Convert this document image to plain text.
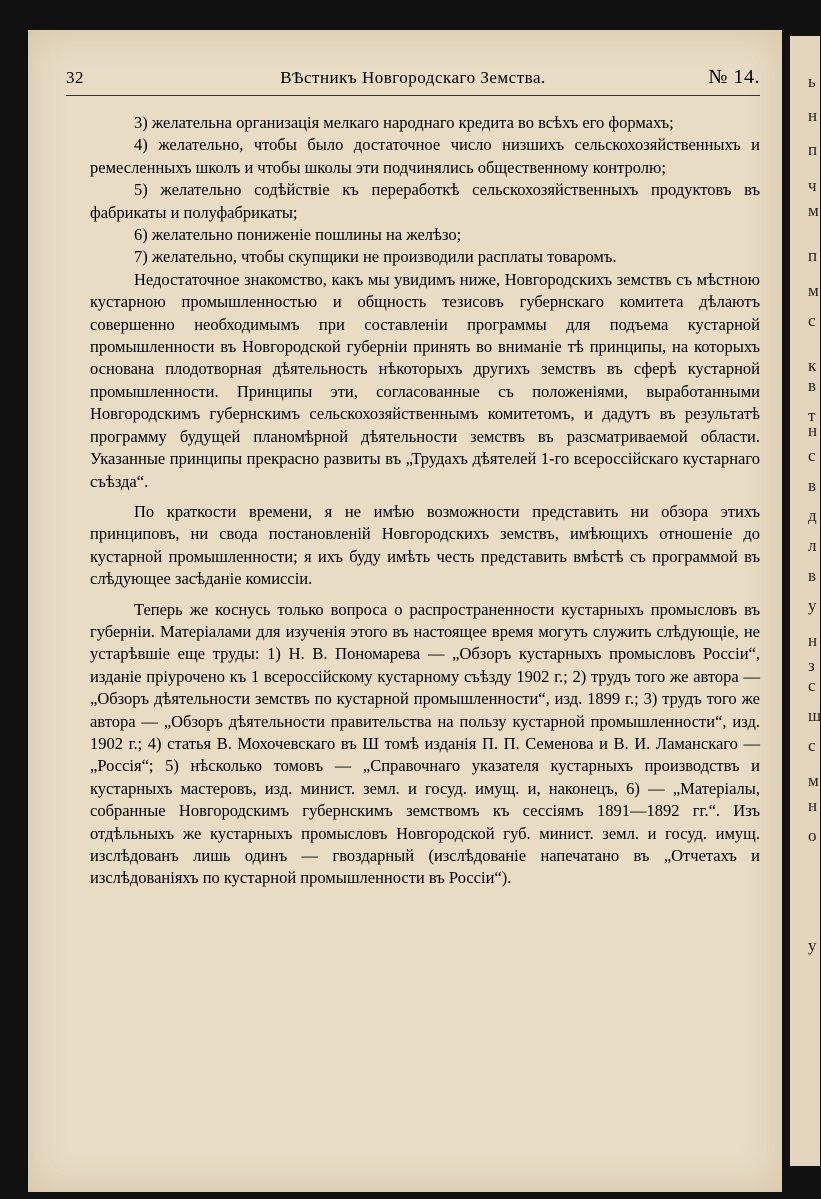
ь
н
п
ч
м
п
м
с
к
в
т
н
с
в
д
л
в
у
н
з
с
ш
с
м
н
о
у
32	ВѢстникъ Новгородскаго Земства.	№ 14.

3) желательна организація мелкаго народнаго кредита во всѣхъ его формахъ;

4) желательно, чтобы было достаточное число низшихъ сельскохозяйственныхъ и ремесленныхъ школъ и чтобы школы эти подчинялись общественному контролю;

5) желательно содѣйствіе къ переработкѣ сельскохозяйственныхъ продуктовъ въ фабрикаты и полуфабрикаты;

6) желательно пониженіе пошлины на желѣзо;

7) желательно, чтобы скупщики не производили расплаты товаромъ.

Недостаточное знакомство, какъ мы увидимъ ниже, Новгородскихъ земствъ съ мѣстною кустарною промышленностью и общность тезисовъ губернскаго комитета дѣлаютъ совершенно необходимымъ при составленіи программы для подъема кустарной промышленности въ Новгородской губерніи принять во вниманіе тѣ принципы, на которыхъ основана плодотворная дѣятельность нѣкоторыхъ другихъ земствъ въ сферѣ кустарной промышленности. Принципы эти, согласованные съ положеніями, выработанными Новгородскимъ губернскимъ сельскохозяйственнымъ комитетомъ, и дадутъ въ результатѣ программу будущей планомѣрной дѣятельности земствъ въ разсматриваемой области. Указанные принципы прекрасно развиты въ „Трудахъ дѣятелей 1-го всероссійскаго кустарнаго съѣзда“.

По краткости времени, я не имѣю возможности представить ни обзора этихъ принциповъ, ни свода постановленій Новгородскихъ земствъ, имѣющихъ отношеніе до кустарной промышленности; я ихъ буду имѣть честь представить вмѣстѣ съ программой въ слѣдующее засѣданіе комиссіи.

Теперь же коснусь только вопроса о распространенности кустарныхъ промысловъ въ губерніи. Матеріалами для изученія этого въ настоящее время могутъ служить слѣдующіе, не устарѣвшіе еще труды: 1) Н. В. Пономарева — „Обзоръ кустарныхъ промысловъ Россіи“, изданіе пріурочено къ 1 всероссійскому кустарному съѣзду 1902 г.; 2) трудъ того же автора — „Обзоръ дѣятельности земствъ по кустарной промышленности“, изд. 1899 г.; 3) трудъ того же автора — „Обзоръ дѣятельности правительства на пользу кустарной промышленности“, изд. 1902 г.; 4) статья В. Мохочевскаго въ Ш томѣ изданія П. П. Семенова и В. И. Ламанскаго — „Россія“; 5) нѣсколько томовъ — „Справочнаго указателя кустарныхъ производствъ и кустарныхъ мастеровъ, изд. минист. земл. и госуд. имущ. и, наконецъ, 6) — „Матеріалы, собранные Новгородскимъ губернскимъ земствомъ къ сессіямъ 1891—1892 гг.“. Изъ отдѣльныхъ же кустарныхъ промысловъ Новгородской губ. минист. земл. и госуд. имущ. изслѣдованъ лишь одинъ — гвоздарный (изслѣдованіе напечатано въ „Отчетахъ и изслѣдованіяхъ по кустарной промышленности въ Россіи“).
